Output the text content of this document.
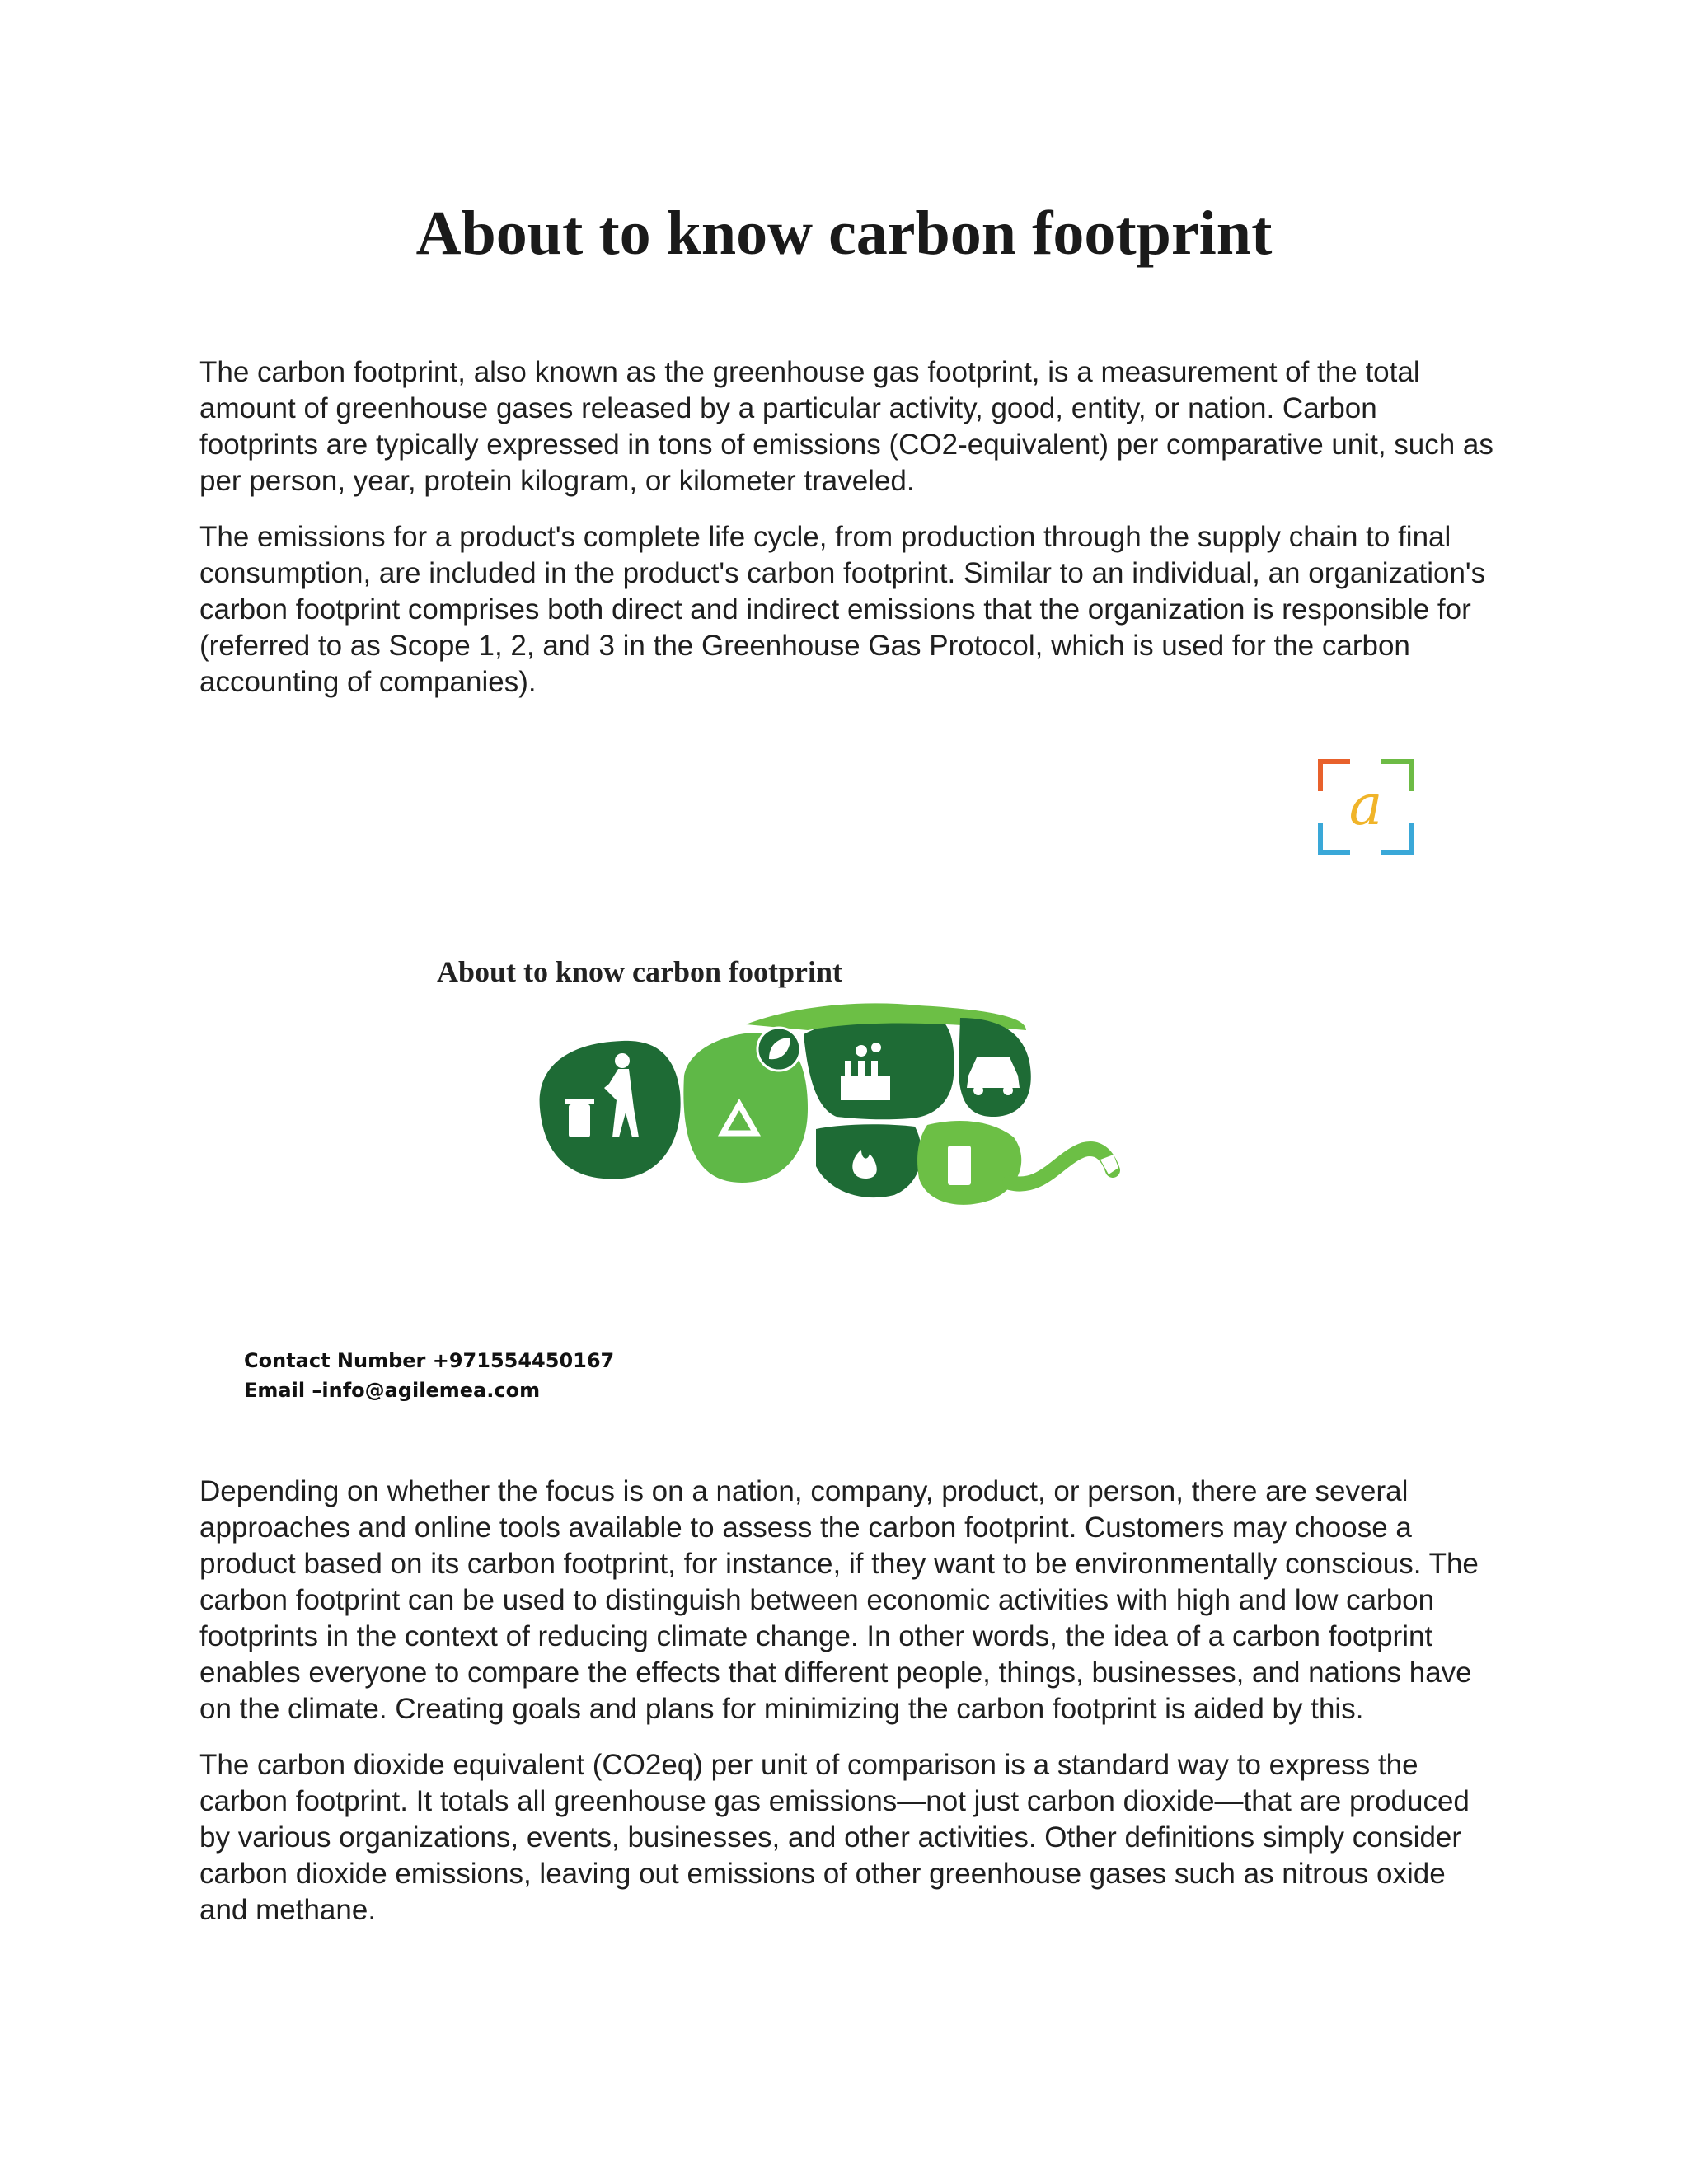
About to know carbon footprint

The carbon footprint, also known as the greenhouse gas footprint, is a measurement of the total amount of greenhouse gases released by a particular activity, good, entity, or nation. Carbon footprints are typically expressed in tons of emissions (CO2-equivalent) per comparative unit, such as per person, year, protein kilogram, or kilometer traveled.

The emissions for a product's complete life cycle, from production through the supply chain to final consumption, are included in the product's carbon footprint. Similar to an individual, an organization's carbon footprint comprises both direct and indirect emissions that the organization is responsible for (referred to as Scope 1, 2, and 3 in the Greenhouse Gas Protocol, which is used for the carbon accounting of companies).

a

About to know carbon footprint

Contact Number +971554450167

Email –info@agilemea.com

Depending on whether the focus is on a nation, company, product, or person, there are several approaches and online tools available to assess the carbon footprint. Customers may choose a product based on its carbon footprint, for instance, if they want to be environmentally conscious. The carbon footprint can be used to distinguish between economic activities with high and low carbon footprints in the context of reducing climate change. In other words, the idea of a carbon footprint enables everyone to compare the effects that different people, things, businesses, and nations have on the climate. Creating goals and plans for minimizing the carbon footprint is aided by this.

The carbon dioxide equivalent (CO2eq) per unit of comparison is a standard way to express the carbon footprint. It totals all greenhouse gas emissions—not just carbon dioxide—that are produced by various organizations, events, businesses, and other activities. Other definitions simply consider carbon dioxide emissions, leaving out emissions of other greenhouse gases such as nitrous oxide and methane.
